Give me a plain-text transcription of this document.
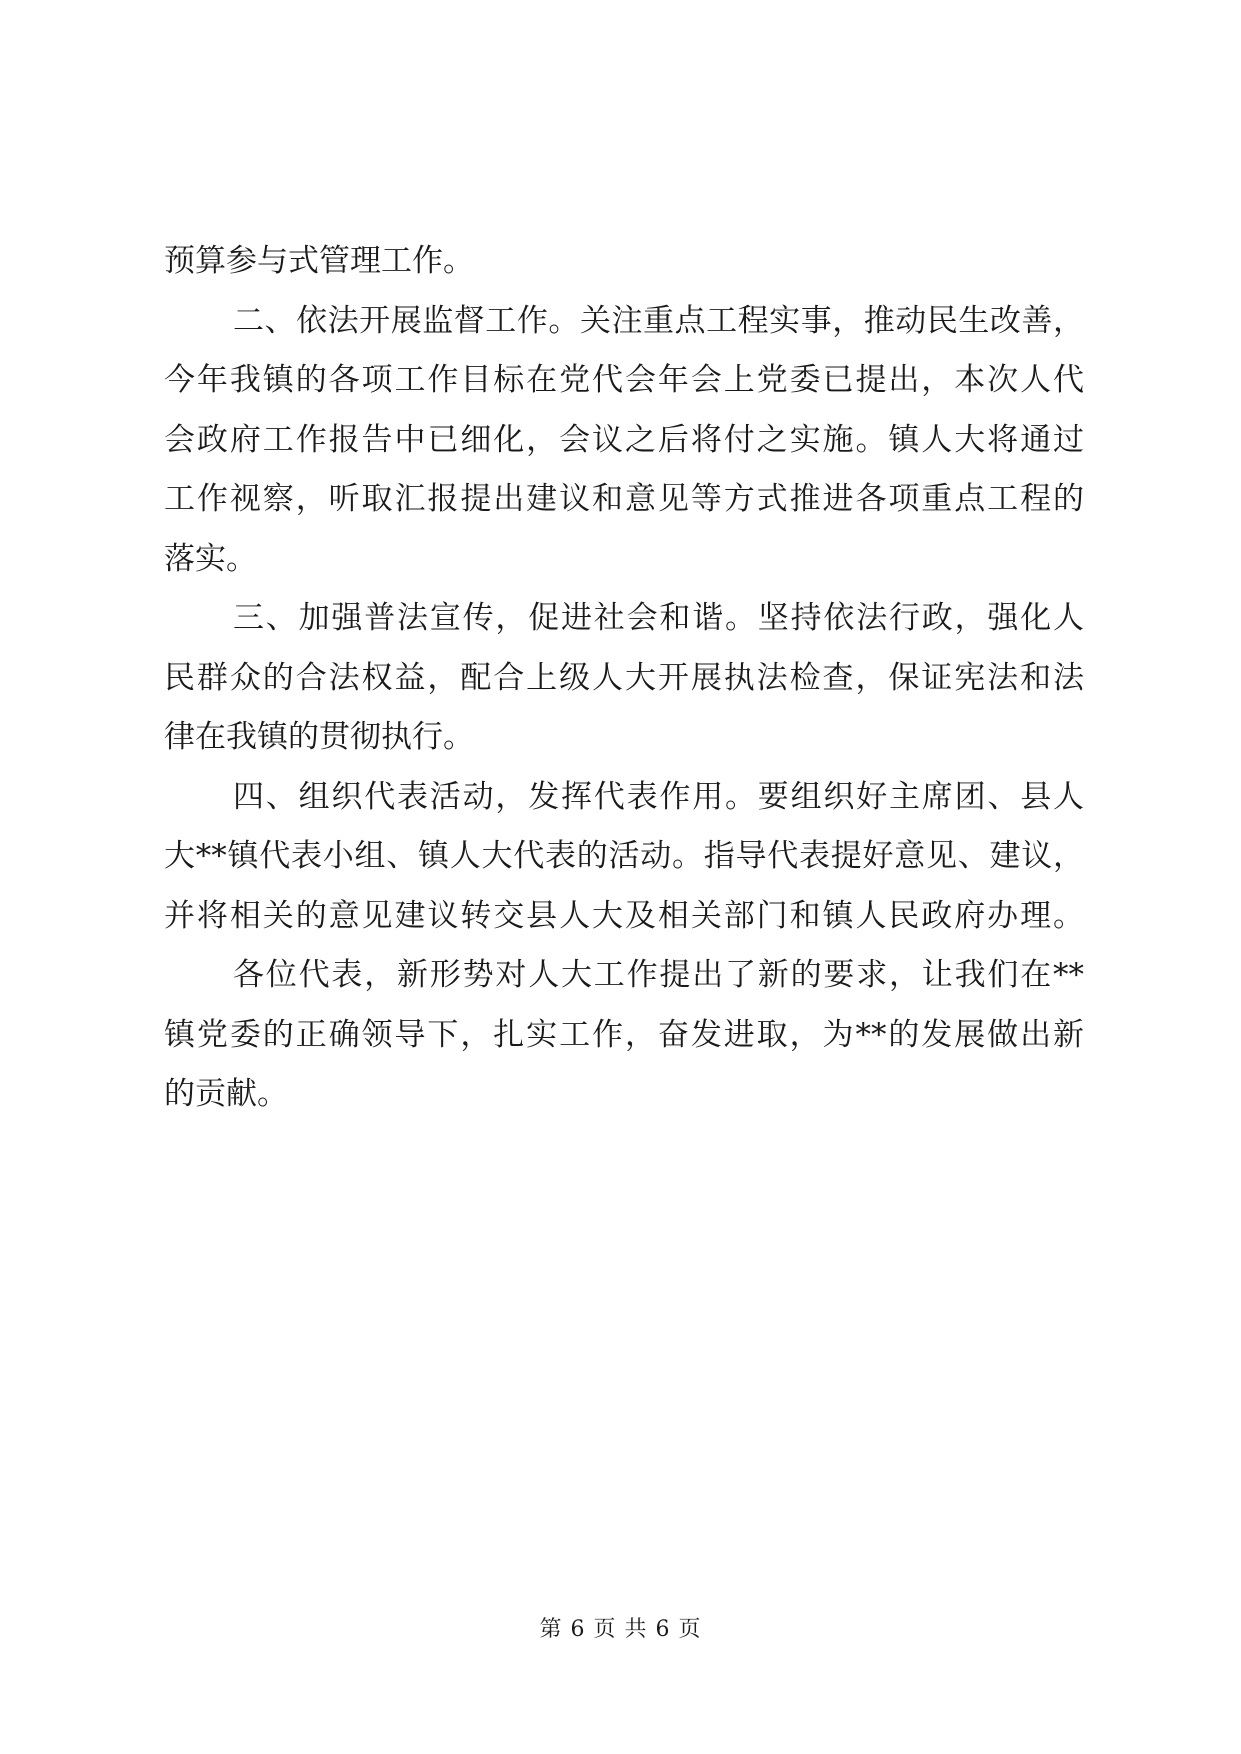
预算参与式管理工作。
二、依法开展监督工作。关注重点工程实事，推动民生改善，
今年我镇的各项工作目标在党代会年会上党委已提出，本次人代
会政府工作报告中已细化，会议之后将付之实施。镇人大将通过
工作视察，听取汇报提出建议和意见等方式推进各项重点工程的
落实。
三、加强普法宣传，促进社会和谐。坚持依法行政，强化人
民群众的合法权益，配合上级人大开展执法检查，保证宪法和法
律在我镇的贯彻执行。
四、组织代表活动，发挥代表作用。要组织好主席团、县人
大**镇代表小组、镇人大代表的活动。指导代表提好意见、建议，
并将相关的意见建议转交县人大及相关部门和镇人民政府办理。
各位代表，新形势对人大工作提出了新的要求，让我们在**
镇党委的正确领导下，扎实工作，奋发进取，为**的发展做出新
的贡献。
第 6 页 共 6 页
